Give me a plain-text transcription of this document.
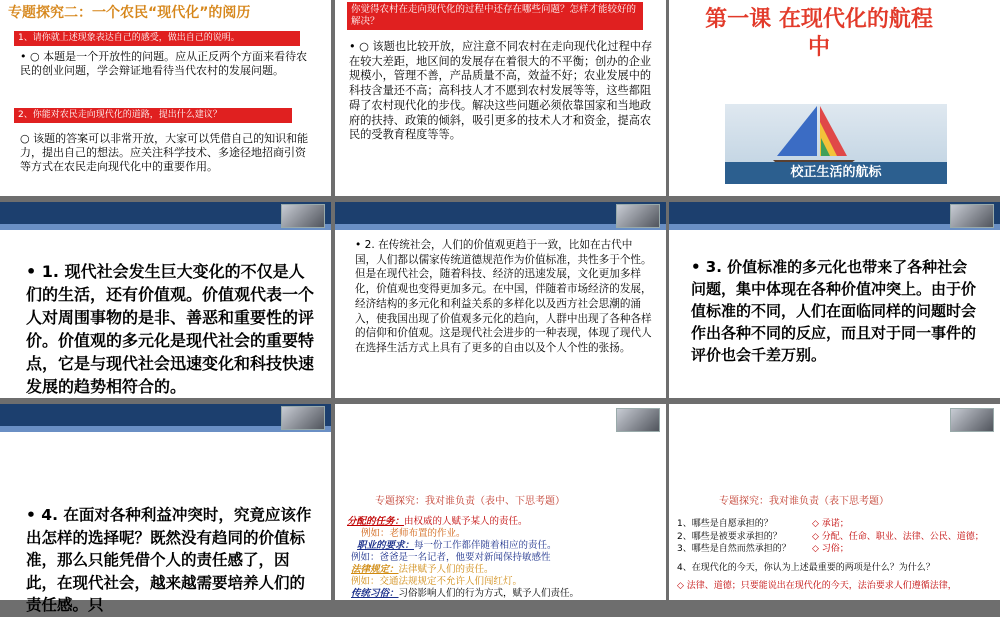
专题探究二：一个农民“现代化”的阅历
1、请你就上述现象表达自己的感受，做出自己的说明。
• ○ 本题是一个开放性的问题。应从正反两个方面来看待农民的创业问题，学会辩证地看待当代农村的发展问题。
2、你能对农民走向现代化的道路，提出什么建议？
○ 该题的答案可以非常开放，大家可以凭借自己的知识和能力，提出自己的想法。应关注科学技术、多途径地招商引资等方式在农民走向现代化中的重要作用。
你觉得农村在走向现代化的过程中还存在哪些问题？怎样才能较好的解决？
• ○ 该题也比较开放，应注意不同农村在走向现代化过程中存在较大差距，地区间的发展存在着很大的不平衡；创办的企业规模小，管理不善，产品质量不高，效益不好；农业发展中的科技含量还不高；高科技人才不愿到农村发展等等，这些都阻碍了农村现代化的步伐。解决这些问题必须依靠国家和当地政府的扶持、政策的倾斜，吸引更多的技术人才和资金，提高农民的受教育程度等等。
第一课 在现代化的航程中
校正生活的航标
• 1. 现代社会发生巨大变化的不仅是人们的生活，还有价值观。价值观代表一个人对周围事物的是非、善恶和重要性的评价。价值观的多元化是现代社会的重要特点，它是与现代社会迅速变化和科技快速发展的趋势相符合的。
• 2. 在传统社会，人们的价值观更趋于一致，比如在古代中国，人们都以儒家传统道德规范作为价值标准，共性多于个性。但是在现代社会，随着科技、经济的迅速发展，文化更加多样化，价值观也变得更加多元。在中国，伴随着市场经济的发展，经济结构的多元化和利益关系的多样化以及西方社会思潮的涌入，使我国出现了价值观多元化的趋向，人群中出现了各种各样的信仰和价值观。这是现代社会进步的一种表现，体现了现代人在选择生活方式上具有了更多的自由以及个人个性的张扬。
• 3. 价值标准的多元化也带来了各种社会问题，集中体现在各种价值冲突上。由于价值标准的不同，人们在面临同样的问题时会作出各种不同的反应，而且对于同一事件的评价也会千差万别。
• 4. 在面对各种利益冲突时，究竟应该作出怎样的选择呢？既然没有趋同的价值标准，那么只能凭借个人的责任感了，因此，在现代社会，越来越需要培养人们的责任感。只
专题探究：我对谁负责（表中、下思考题）
分配的任务：由权威的人赋予某人的责任。
例如：老师布置的作业。
职业的要求：每一份工作都伴随着相应的责任。
例如：爸爸是一名记者，他要对新闻保持敏感性
法律规定：法律赋予人们的责任。
例如：交通法规规定不允许人们闯红灯。
传统习俗：习俗影响人们的行为方式，赋予人们责任。
专题探究：我对谁负责（表下思考题）
1、哪些是自愿承担的？	◇ 承诺；
2、哪些是被要求承担的？	◇ 分配、任命、职业、法律、公民、道德；
3、哪些是自然而然承担的？ ◇ 习俗；
4、在现代化的今天，你认为上述最重要的两项是什么？为什么？
◇ 法律、道德；只要能说出在现代化的今天，法治要求人们遵循法律，
